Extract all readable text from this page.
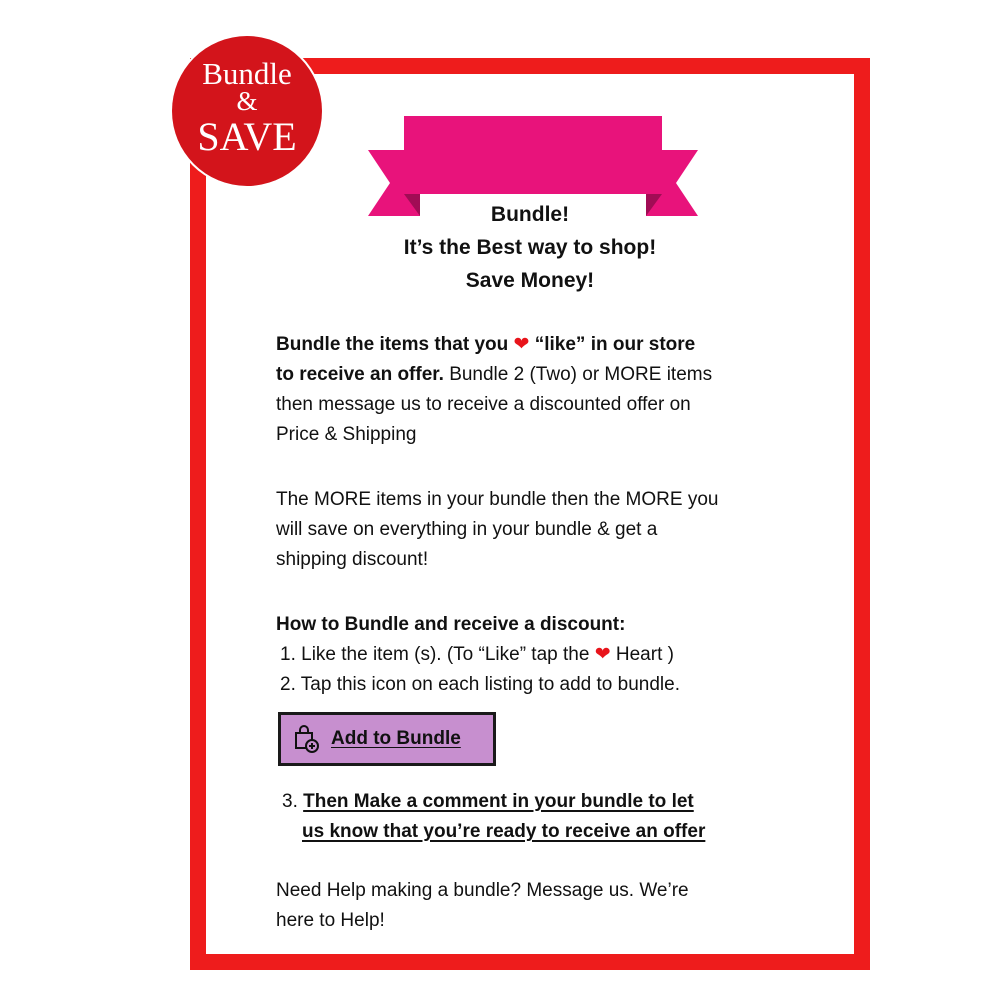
Bundle
&
SAVE
Bundle!
It’s the Best way to shop!
Save Money!
Bundle the items that you ❤ “like” in our store
to receive an offer. Bundle 2 (Two) or MORE items
then message us to receive a discounted offer on
Price & Shipping
The MORE items in your bundle then the MORE you
will save on everything in your bundle & get a
shipping discount!
How to Bundle and receive a discount:
1. Like the item (s). (To “Like” tap the ❤ Heart )
2. Tap this icon on each listing to add to bundle.
Add to Bundle
3. Then Make a comment in your bundle to let
us know that you’re ready to receive an offer
Need Help making a bundle? Message us. We’re
here to Help!
